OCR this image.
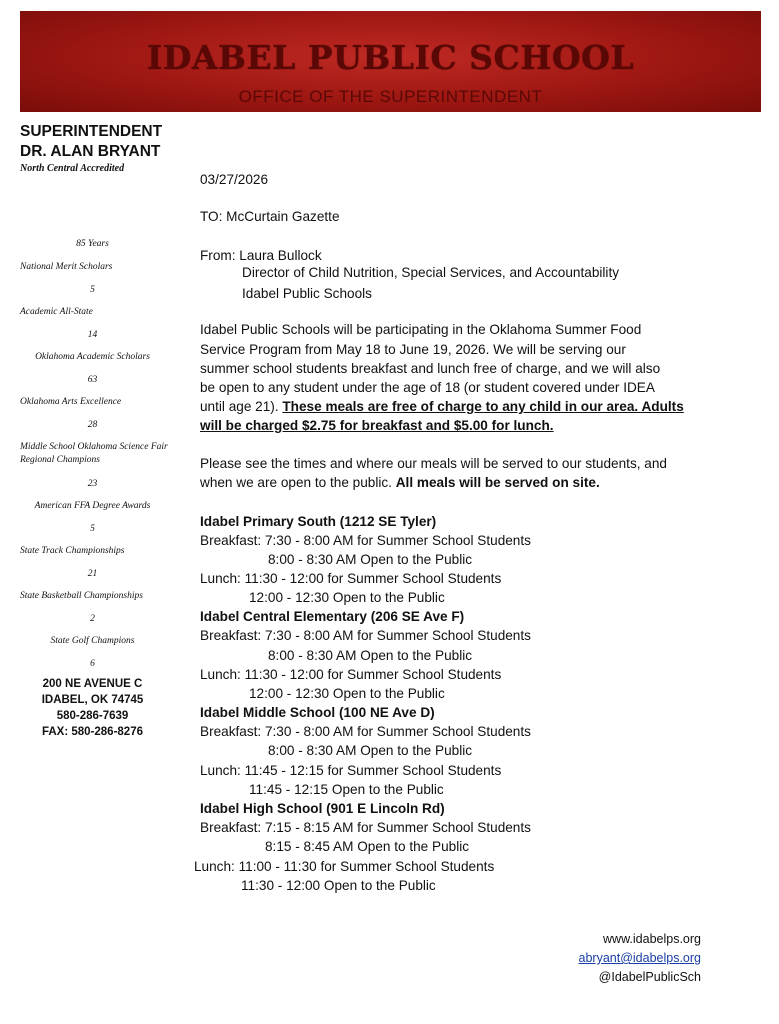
IDABEL PUBLIC SCHOOL
OFFICE OF THE SUPERINTENDENT
SUPERINTENDENT
DR. ALAN BRYANT
North Central Accredited
85 Years
National Merit Scholars
5
Academic All-State
14
Oklahoma Academic Scholars
63
Oklahoma Arts Excellence
28
Middle School Oklahoma Science Fair Regional Champions
23
American FFA Degree Awards
5
State Track Championships
21
State Basketball Championships
2
State Golf Champions
6
200 NE AVENUE C
IDABEL, OK 74745
580-286-7639
FAX: 580-286-8276
03/27/2026
TO: McCurtain Gazette
From: Laura Bullock
Director of Child Nutrition, Special Services, and Accountability
Idabel Public Schools
Idabel Public Schools will be participating in the Oklahoma Summer Food
Service Program from May 18 to June 19, 2026. We will be serving our
summer school students breakfast and lunch free of charge, and we will also
be open to any student under the age of 18 (or student covered under IDEA
until age 21). These meals are free of charge to any child in our area. Adults
will be charged $2.75 for breakfast and $5.00 for lunch.
Please see the times and where our meals will be served to our students, and
when we are open to the public. All meals will be served on site.
Idabel Primary South (1212 SE Tyler)
Breakfast: 7:30 - 8:00 AM for Summer School Students
8:00 - 8:30 AM Open to the Public
Lunch: 11:30 - 12:00 for Summer School Students
12:00 - 12:30 Open to the Public
Idabel Central Elementary (206 SE Ave F)
Breakfast: 7:30 - 8:00 AM for Summer School Students
8:00 - 8:30 AM Open to the Public
Lunch: 11:30 - 12:00 for Summer School Students
12:00 - 12:30 Open to the Public
Idabel Middle School (100 NE Ave D)
Breakfast: 7:30 - 8:00 AM for Summer School Students
8:00 - 8:30 AM Open to the Public
Lunch: 11:45 - 12:15 for Summer School Students
11:45 - 12:15 Open to the Public
Idabel High School (901 E Lincoln Rd)
Breakfast: 7:15 - 8:15 AM for Summer School Students
8:15 - 8:45 AM Open to the Public
Lunch: 11:00 - 11:30 for Summer School Students
11:30 - 12:00 Open to the Public
www.idabelps.org
abryant@idabelps.org
@IdabelPublicSch
